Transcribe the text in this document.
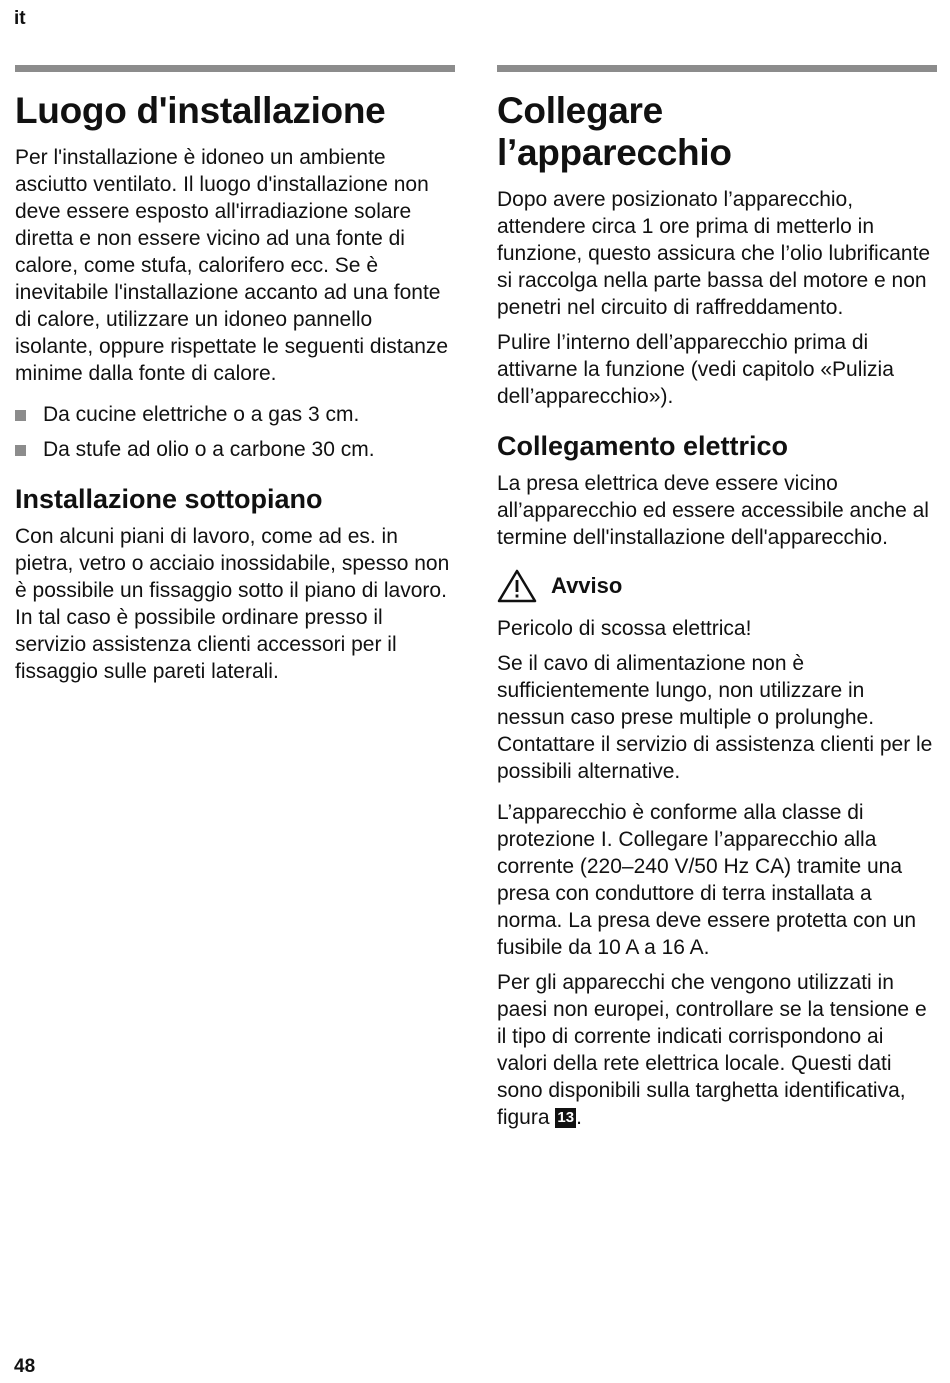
it
Luogo d'installazione

Per l'installazione è idoneo un ambiente asciutto ventilato. Il luogo d'installazione non deve essere esposto all'irradiazione solare diretta e non essere vicino ad una fonte di calore, come stufa, calorifero ecc. Se è inevitabile l'installazione accanto ad una fonte di calore, utilizzare un idoneo pannello isolante, oppure rispettate le seguenti distanze minime dalla fonte di calore.

Da cucine elettriche o a gas 3 cm.
Da stufe ad olio o a carbone 30 cm.
Installazione sottopiano

Con alcuni piani di lavoro, come ad es. in pietra, vetro o acciaio inossidabile, spesso non è possibile un fissaggio sotto il piano di lavoro. In tal caso è possibile ordinare presso il servizio assistenza clienti accessori per il fissaggio sulle pareti laterali.

Collegare
l’apparecchio

Dopo avere posizionato l’apparecchio, attendere circa 1 ore prima di metterlo in funzione, questo assicura che l’olio lubrificante si raccolga nella parte bassa del motore e non penetri nel circuito di raffreddamento.

Pulire l’interno dell’apparecchio prima di attivarne la funzione (vedi capitolo «Pulizia dell’apparecchio»).

Collegamento elettrico

La presa elettrica deve essere vicino all’apparecchio ed essere accessibile anche al termine dell'installazione dell'apparecchio.

Avviso

Pericolo di scossa elettrica!

Se il cavo di alimentazione non è sufficientemente lungo, non utilizzare in nessun caso prese multiple o prolunghe. Contattare il servizio di assistenza clienti per le possibili alternative.

L’apparecchio è conforme alla classe di protezione I. Collegare l’apparecchio alla corrente (220–240 V/50 Hz CA) tramite una presa con conduttore di terra installata a norma. La presa deve essere protetta con un fusibile da 10 A a 16 A.

Per gli apparecchi che vengono utilizzati in paesi non europei, controllare se la tensione e il tipo di corrente indicati corrispondono ai valori della rete elettrica locale. Questi dati sono disponibili sulla targhetta identificativa, figura 13.

48
